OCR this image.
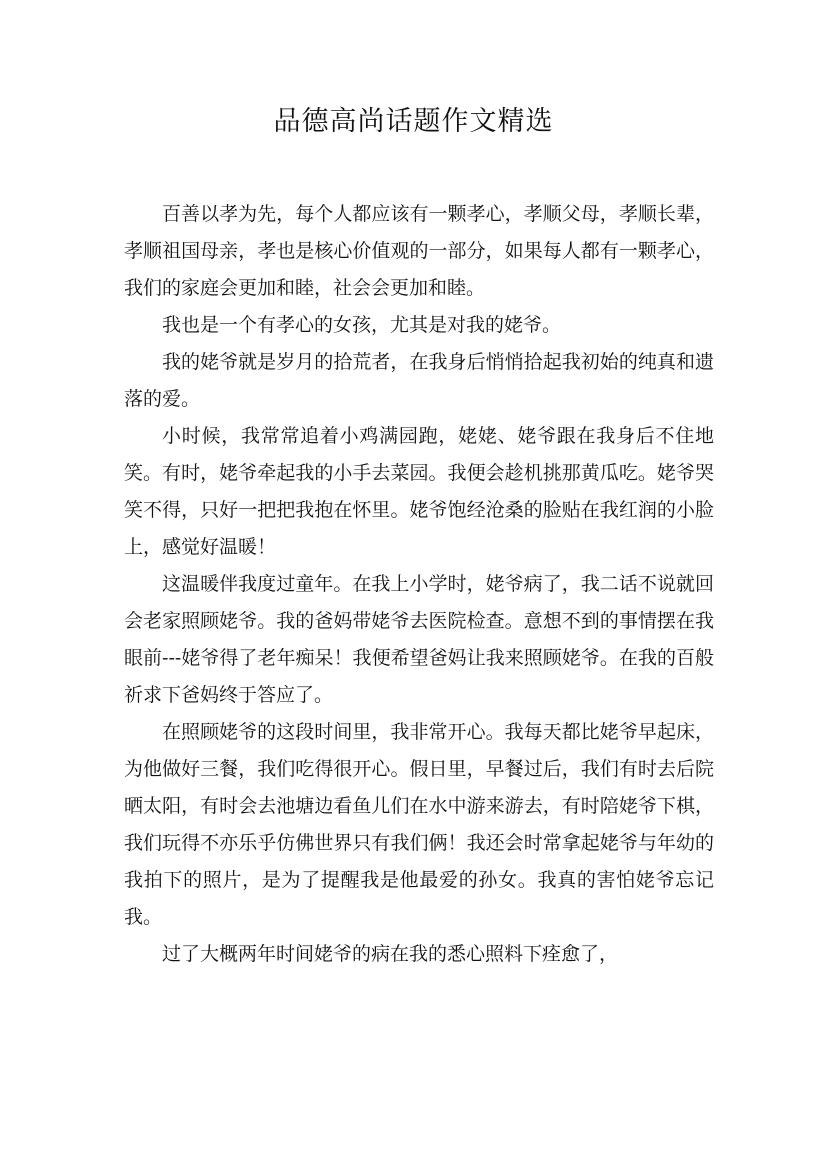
品德高尚话题作文精选

百善以孝为先，每个人都应该有一颗孝心，孝顺父母，孝顺长辈，孝顺祖国母亲，孝也是核心价值观的一部分，如果每人都有一颗孝心，我们的家庭会更加和睦，社会会更加和睦。

我也是一个有孝心的女孩，尤其是对我的姥爷。

我的姥爷就是岁月的拾荒者，在我身后悄悄拾起我初始的纯真和遗落的爱。

小时候，我常常追着小鸡满园跑，姥姥、姥爷跟在我身后不住地笑。有时，姥爷牵起我的小手去菜园。我便会趁机挑那黄瓜吃。姥爷哭笑不得，只好一把把我抱在怀里。姥爷饱经沧桑的脸贴在我红润的小脸上，感觉好温暖！

这温暖伴我度过童年。在我上小学时，姥爷病了，我二话不说就回会老家照顾姥爷。我的爸妈带姥爷去医院检查。意想不到的事情摆在我眼前---姥爷得了老年痴呆！我便希望爸妈让我来照顾姥爷。在我的百般祈求下爸妈终于答应了。

在照顾姥爷的这段时间里，我非常开心。我每天都比姥爷早起床，为他做好三餐，我们吃得很开心。假日里，早餐过后，我们有时去后院晒太阳，有时会去池塘边看鱼儿们在水中游来游去，有时陪姥爷下棋，我们玩得不亦乐乎仿佛世界只有我们俩！我还会时常拿起姥爷与年幼的我拍下的照片，是为了提醒我是他最爱的孙女。我真的害怕姥爷忘记我。

过了大概两年时间姥爷的病在我的悉心照料下痊愈了，
